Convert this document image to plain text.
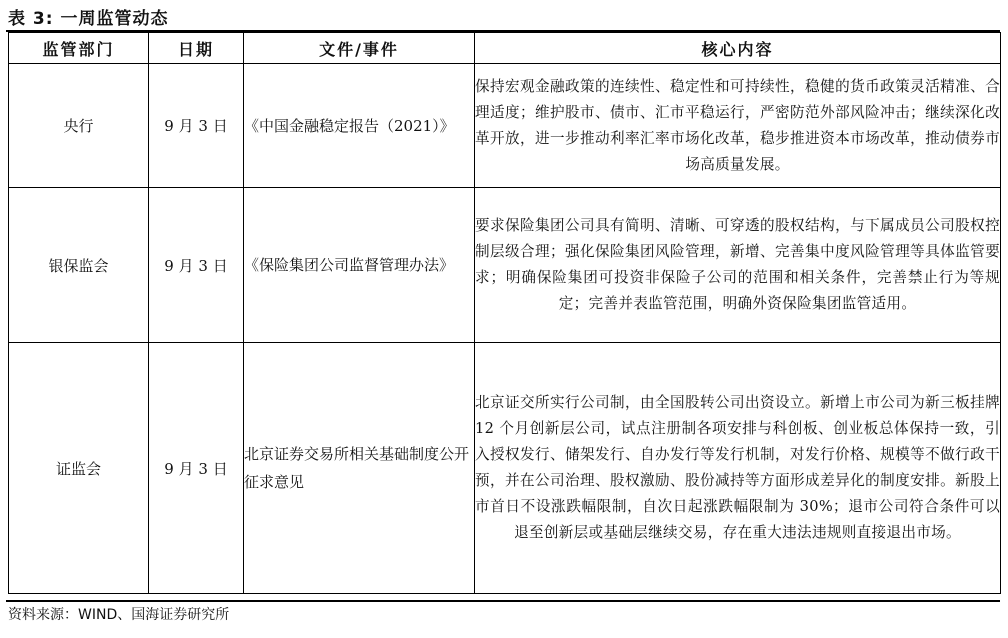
表 3: 一周监管动态
监管部门	日期	文件/事件	核心内容
央行	9 月 3 日	《中国金融稳定报告（2021）》	保持宏观金融政策的连续性、稳定性和可持续性，稳健的货币政策灵活精准、合理适度；维护股市、债市、汇市平稳运行，严密防范外部风险冲击；继续深化改革开放，进一步推动利率汇率市场化改革，稳步推进资本市场改革，推动债券市场高质量发展。
银保监会	9 月 3 日	《保险集团公司监督管理办法》	要求保险集团公司具有简明、清晰、可穿透的股权结构，与下属成员公司股权控制层级合理；强化保险集团风险管理，新增、完善集中度风险管理等具体监管要求；明确保险集团可投资非保险子公司的范围和相关条件，完善禁止行为等规定；完善并表监管范围，明确外资保险集团监管适用。
证监会	9 月 3 日	北京证券交易所相关基础制度公开征求意见	北京证交所实行公司制，由全国股转公司出资设立。新增上市公司为新三板挂牌 12 个月创新层公司，试点注册制各项安排与科创板、创业板总体保持一致，引入授权发行、储架发行、自办发行等发行机制，对发行价格、规模等不做行政干预，并在公司治理、股权激励、股份减持等方面形成差异化的制度安排。新股上市首日不设涨跌幅限制，自次日起涨跌幅限制为 30%；退市公司符合条件可以退至创新层或基础层继续交易，存在重大违法违规则直接退出市场。
资料来源：WIND、国海证券研究所
